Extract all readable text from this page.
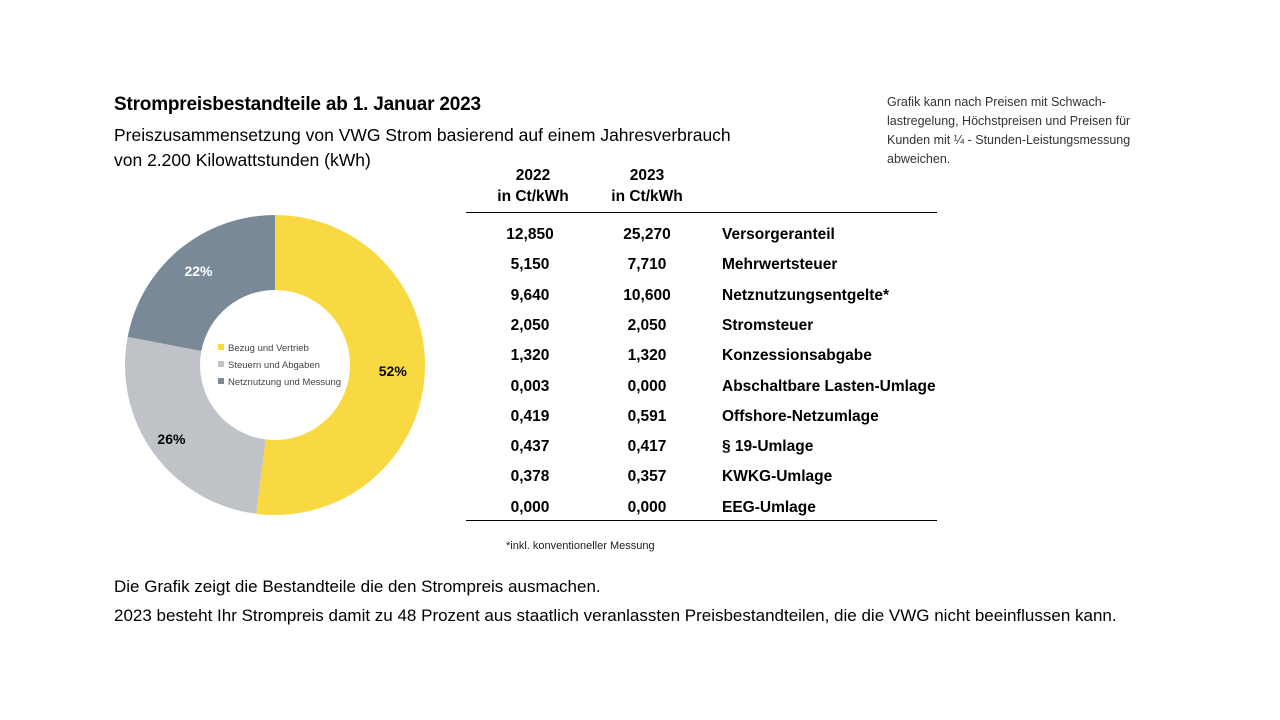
Strompreisbestandteile ab 1. Januar 2023
Preiszusammensetzung von VWG Strom basierend auf einem Jahresverbrauch
von 2.200 Kilowattstunden (kWh)
Grafik kann nach Preisen mit Schwach-
lastregelung, Höchstpreisen und Preisen für
Kunden mit ¼ - Stunden-Leistungsmessung
abweichen.
52%
26%
22%
Bezug und Vertrieb
Steuern und Abgaben
Netznutzung und Messung
2022
in Ct/kWh
2023
in Ct/kWh
12,850	25,270	Versorgeranteil
5,150	7,710	Mehrwertsteuer
9,640	10,600	Netznutzungsentgelte*
2,050	2,050	Stromsteuer
1,320	1,320	Konzessionsabgabe
0,003	0,000	Abschaltbare Lasten-Umlage
0,419	0,591	Offshore-Netzumlage
0,437	0,417	§ 19-Umlage
0,378	0,357	KWKG-Umlage
0,000	0,000	EEG-Umlage
*inkl. konventioneller Messung
Die Grafik zeigt die Bestandteile die den Strompreis ausmachen.
2023 besteht Ihr Strompreis damit zu 48 Prozent aus staatlich veranlassten Preisbestandteilen, die die VWG nicht beeinflussen kann.
